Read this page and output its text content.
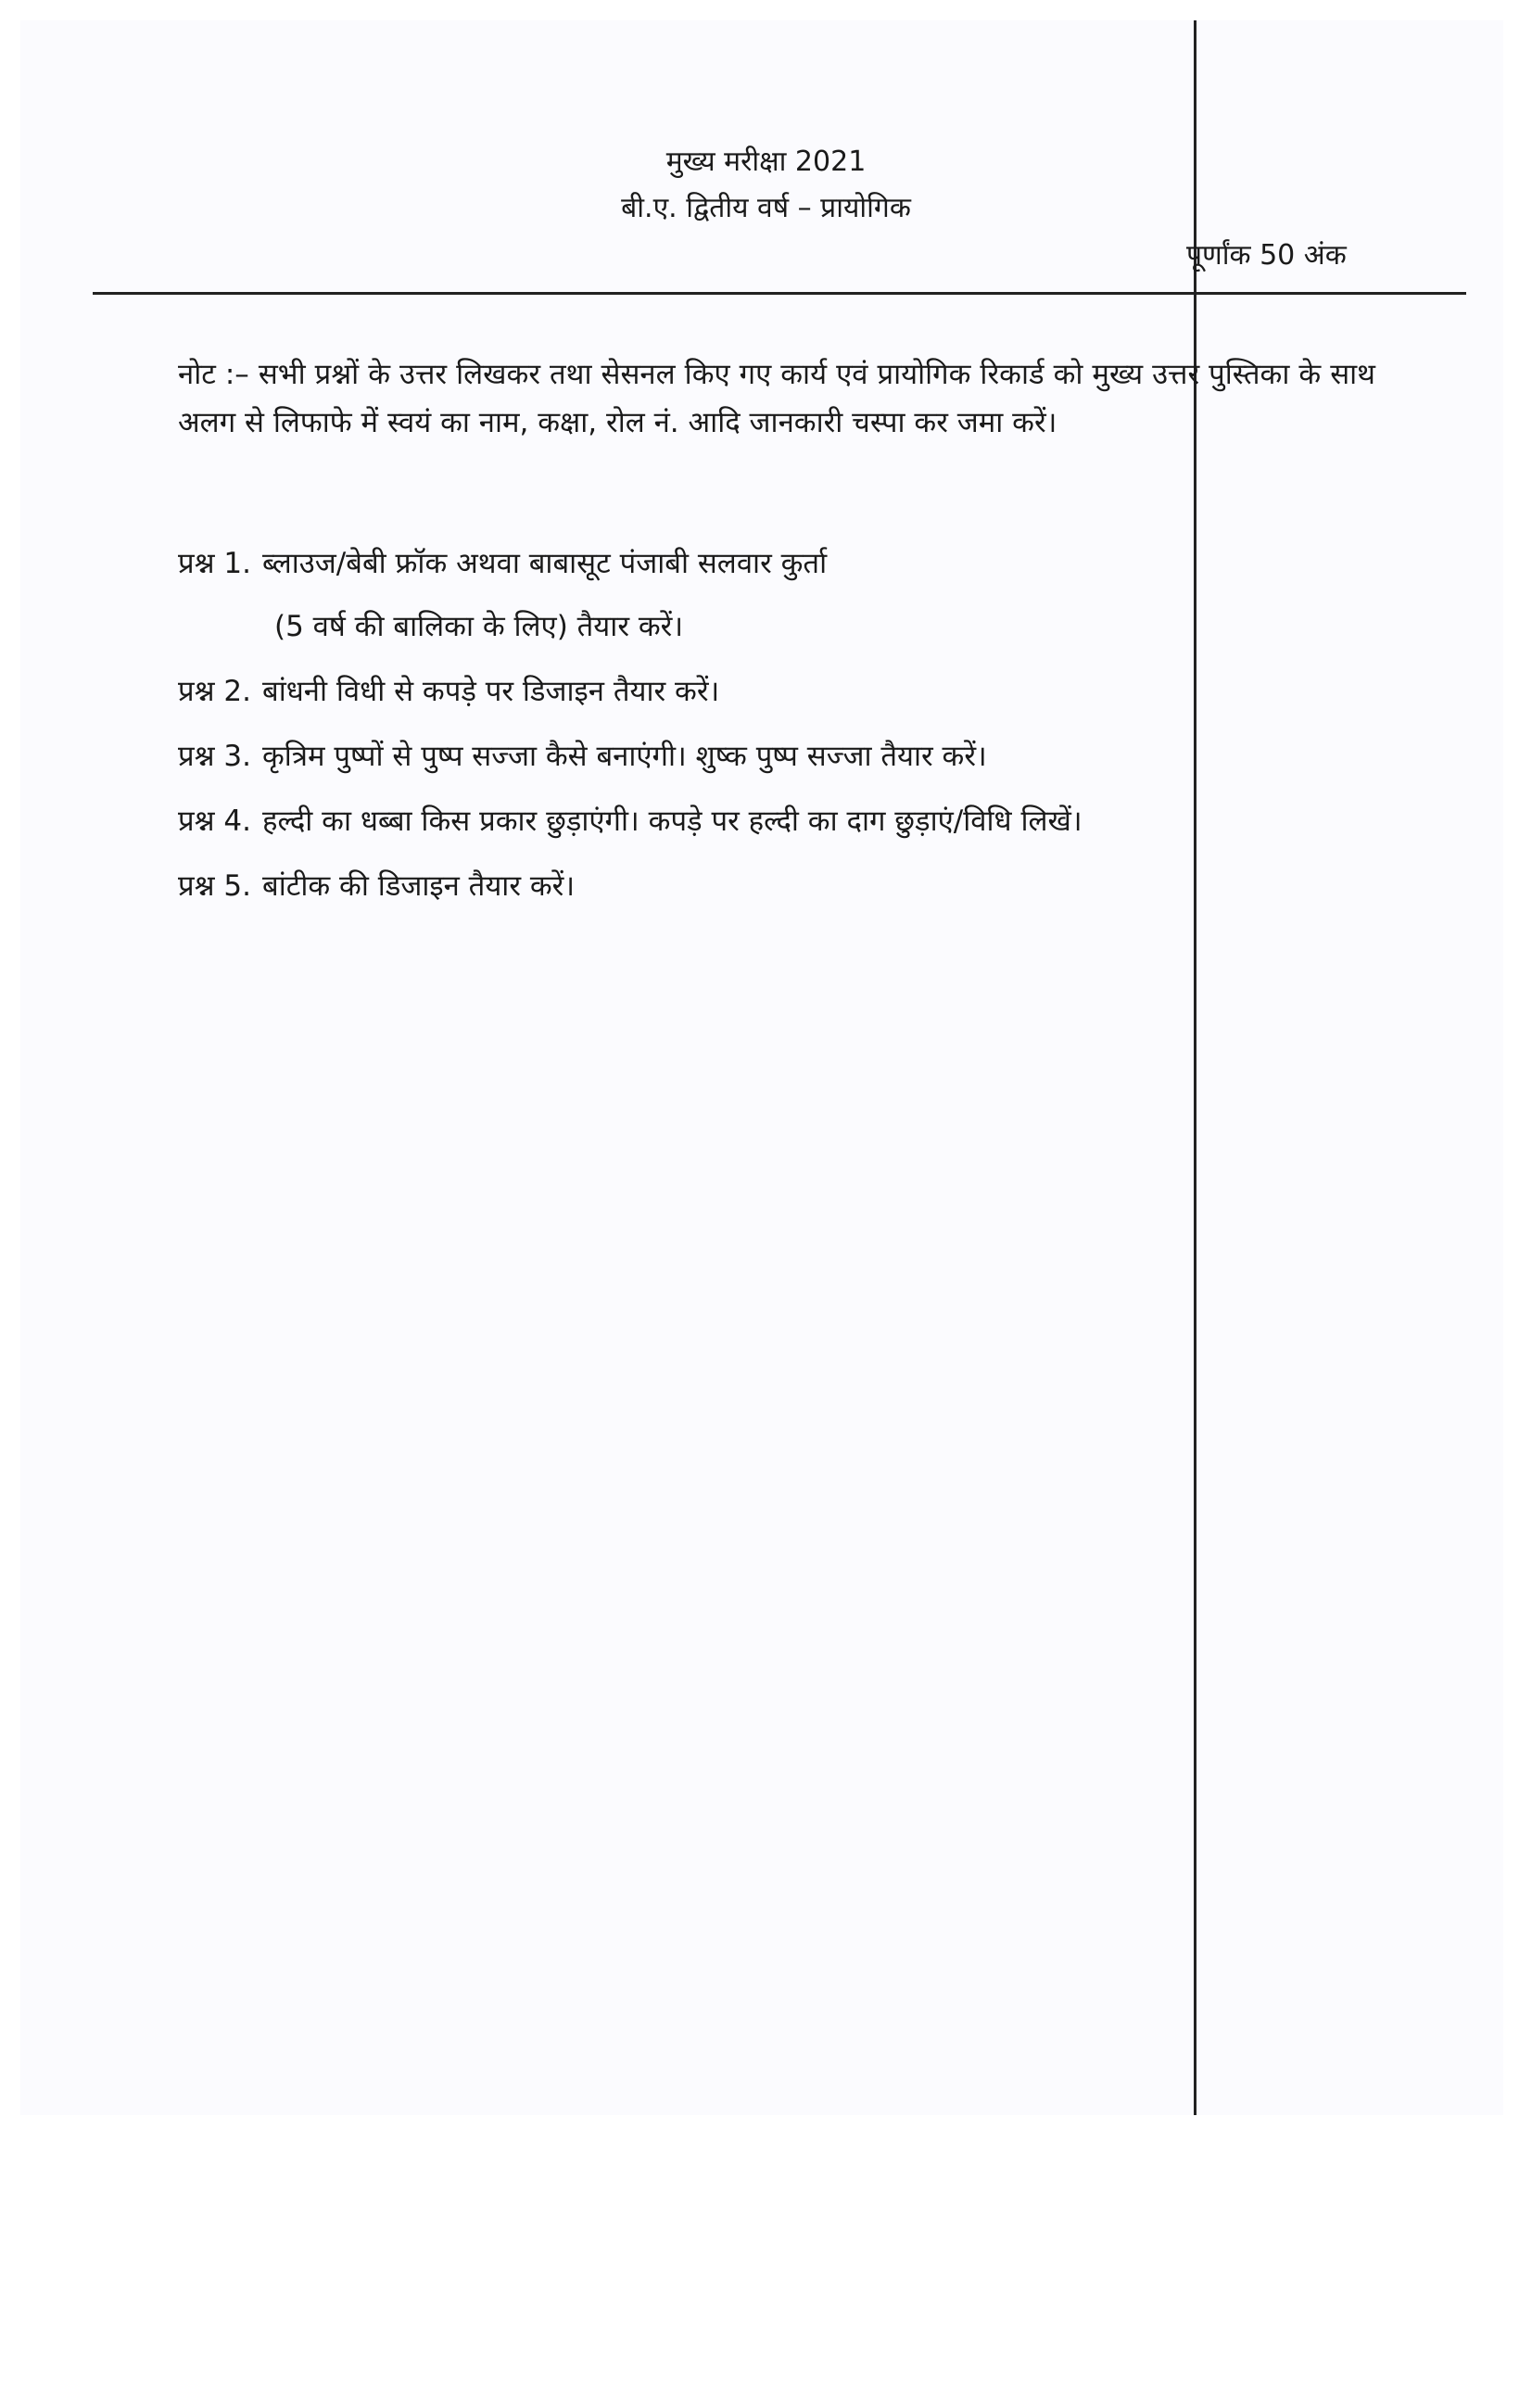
मुख्य मरीक्षा 2021
बी.ए. द्वितीय वर्ष – प्रायोगिक
पूर्णांक 50 अंक

नोट :– सभी प्रश्नों के उत्तर लिखकर तथा सेसनल किए गए कार्य एवं प्रायोगिक रिकार्ड को मुख्य उत्तर पुस्तिका के साथ अलग से लिफाफे में स्वयं का नाम, कक्षा, रोल नं. आदि जानकारी चस्पा कर जमा करें।

प्रश्न 1. ब्लाउज/बेबी फ्रॉक अथवा बाबासूट पंजाबी सलवार कुर्ता
(5 वर्ष की बालिका के लिए) तैयार करें।
प्रश्न 2. बांधनी विधी से कपड़े पर डिजाइन तैयार करें।
प्रश्न 3. कृत्रिम पुष्पों से पुष्प सज्जा कैसे बनाएंगी। शुष्क पुष्प सज्जा तैयार करें।
प्रश्न 4. हल्दी का धब्बा किस प्रकार छुड़ाएंगी। कपड़े पर हल्दी का दाग छुड़ाएं/विधि लिखें।
प्रश्न 5. बांटीक की डिजाइन तैयार करें।
